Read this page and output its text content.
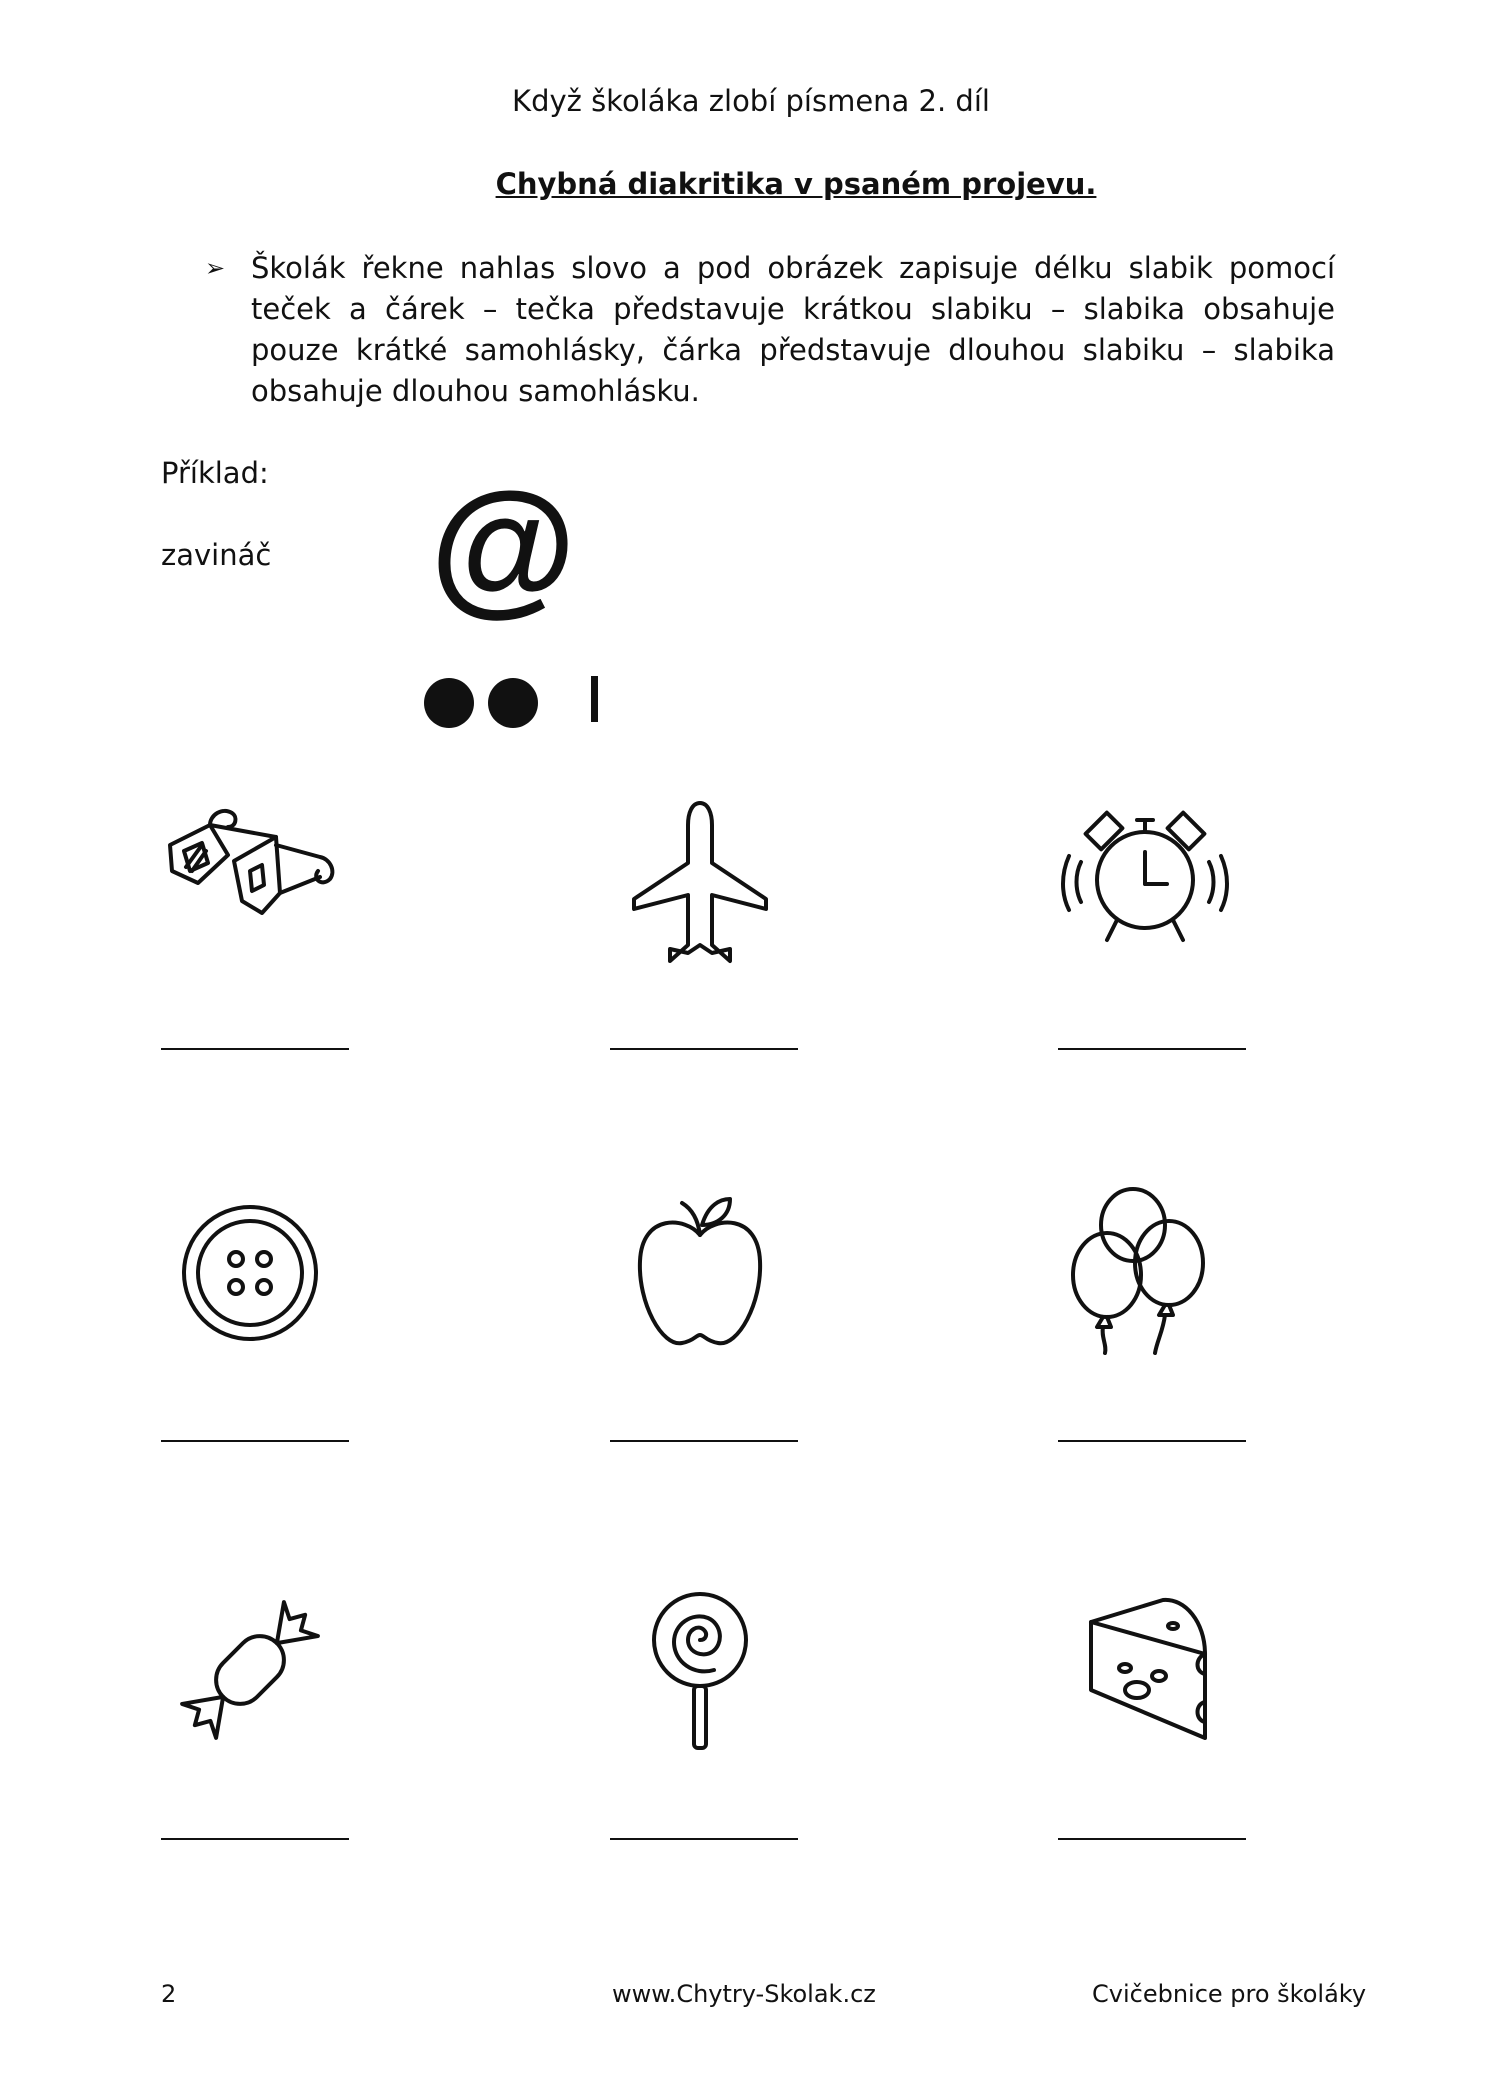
Když školáka zlobí písmena 2. díl
Chybná diakritika v psaném projevu.
➢ Školák řekne nahlas slovo a pod obrázek zapisuje délku slabik pomocí teček a čárek – tečka představuje krátkou slabiku – slabika obsahuje pouze krátké samohlásky, čárka představuje dlouhou slabiku – slabika obsahuje dlouhou samohlásku.
Příklad:
zavináč @
2	www.Chytry-Skolak.cz	Cvičebnice pro školáky
